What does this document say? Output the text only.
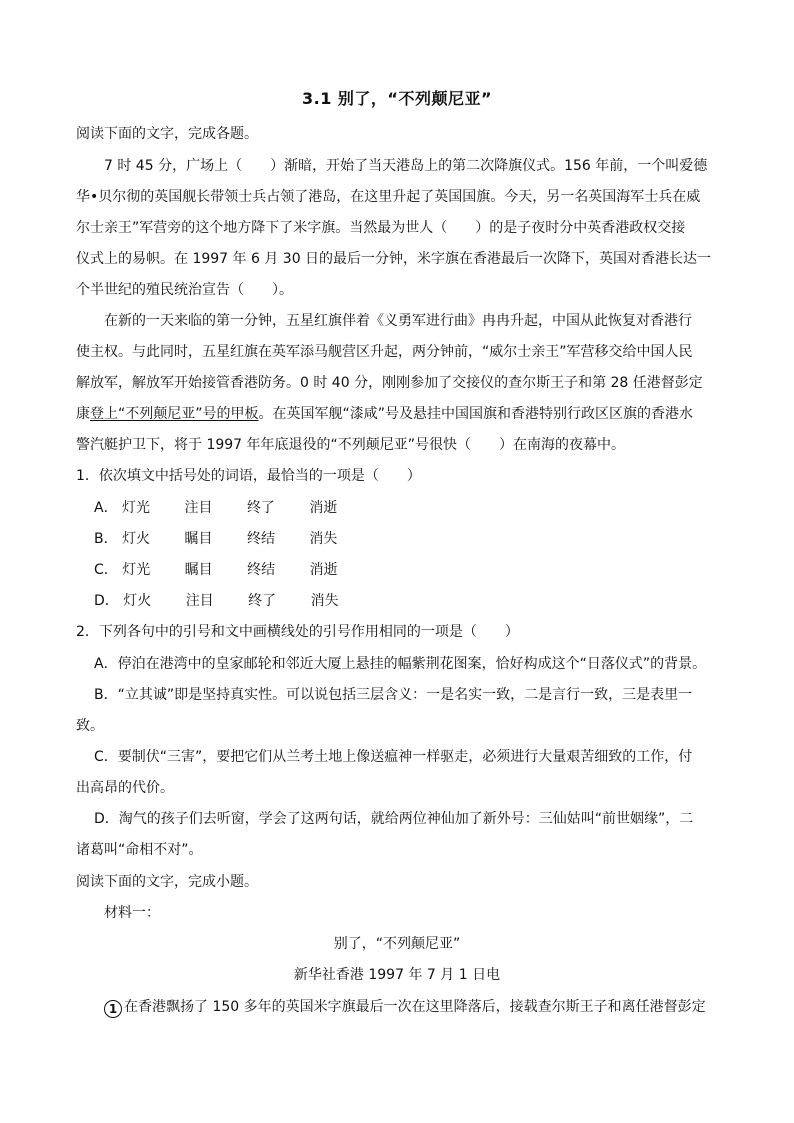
3.1 别了，“不列颠尼亚”
阅读下面的文字，完成各题。
7 时 45 分，广场上（　　）渐暗，开始了当天港岛上的第二次降旗仪式。156 年前，一个叫爱德
华•贝尔彻的英国舰长带领士兵占领了港岛，在这里升起了英国国旗。今天，另一名英国海军士兵在威
尔士亲王”军营旁的这个地方降下了米字旗。当然最为世人（　　）的是子夜时分中英香港政权交接
仪式上的易帜。在 1997 年 6 月 30 日的最后一分钟，米字旗在香港最后一次降下，英国对香港长达一
个半世纪的殖民统治宣告（　　）。
在新的一天来临的第一分钟，五星红旗伴着《义勇军进行曲》冉冉升起，中国从此恢复对香港行
使主权。与此同时，五星红旗在英军添马舰营区升起，两分钟前，“威尔士亲王”军营移交给中国人民
解放军，解放军开始接管香港防务。0 时 40 分，刚刚参加了交接仪的查尔斯王子和第 28 任港督彭定
康登上“不列颠尼亚”号的甲板。在英国军舰“漆咸”号及悬挂中国国旗和香港特别行政区区旗的香港水
警汽艇护卫下，将于 1997 年年底退役的“不列颠尼亚”号很快（　　）在南海的夜幕中。
1．依次填文中括号处的词语，最恰当的一项是（　　）
A． 灯光 注目 终了 消逝
B． 灯火 瞩目 终结 消失
C． 灯光 瞩目 终结 消逝
D． 灯火 注目 终了 消失
2．下列各句中的引号和文中画横线处的引号作用相同的一项是（　　）
A．停泊在港湾中的皇家邮轮和邻近大厦上悬挂的幅紫荆花图案，恰好构成这个“日落仪式”的背景。
B．“立其诚”即是坚持真实性。可以说包括三层含义：一是名实一致，二是言行一致，三是表里一
致。
C．要制伏“三害”，要把它们从兰考土地上像送瘟神一样驱走，必须进行大量艰苦细致的工作，付
出高昂的代价。
D．淘气的孩子们去听窗，学会了这两句话，就给两位神仙加了新外号：三仙姑叫“前世姻缘”，二
诸葛叫“命相不对”。
阅读下面的文字，完成小题。
材料一：
别了，“不列颠尼亚”
新华社香港 1997 年 7 月 1 日电
1 在香港飘扬了 150 多年的英国米字旗最后一次在这里降落后，接载查尔斯王子和离任港督彭定
